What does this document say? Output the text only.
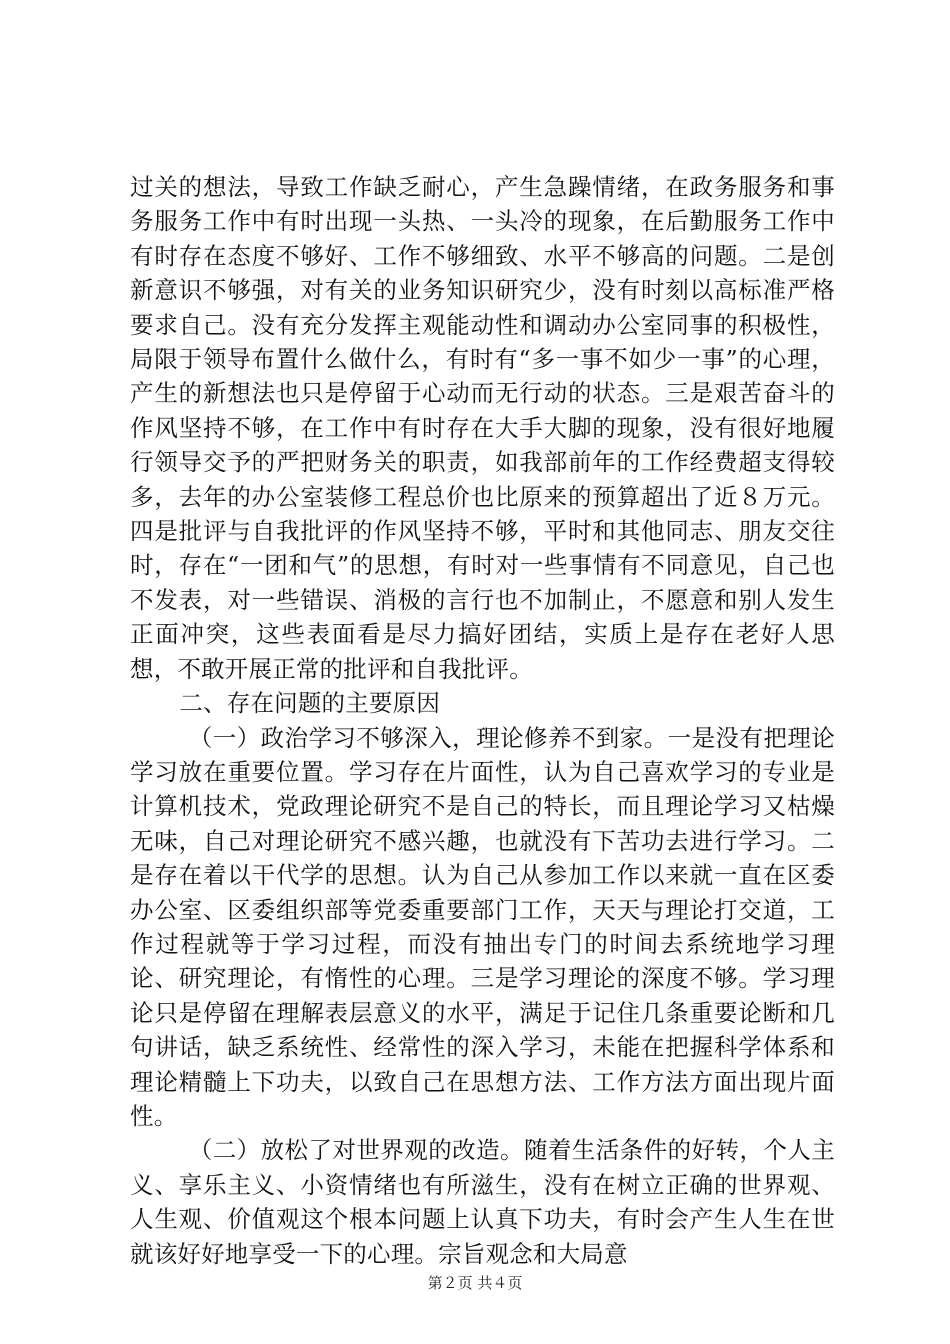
过关的想法，导致工作缺乏耐心，产生急躁情绪，在政务服务和事务服务工作中有时出现一头热、一头冷的现象，在后勤服务工作中有时存在态度不够好、工作不够细致、水平不够高的问题。二是创新意识不够强，对有关的业务知识研究少，没有时刻以高标准严格要求自己。没有充分发挥主观能动性和调动办公室同事的积极性，局限于领导布置什么做什么，有时有“多一事不如少一事”的心理，产生的新想法也只是停留于心动而无行动的状态。三是艰苦奋斗的作风坚持不够，在工作中有时存在大手大脚的现象，没有很好地履行领导交予的严把财务关的职责，如我部前年的工作经费超支得较多，去年的办公室装修工程总价也比原来的预算超出了近８万元。四是批评与自我批评的作风坚持不够，平时和其他同志、朋友交往时，存在“一团和气”的思想，有时对一些事情有不同意见，自己也不发表，对一些错误、消极的言行也不加制止，不愿意和别人发生正面冲突，这些表面看是尽力搞好团结，实质上是存在老好人思想，不敢开展正常的批评和自我批评。

二、存在问题的主要原因

（一）政治学习不够深入，理论修养不到家。一是没有把理论学习放在重要位置。学习存在片面性，认为自己喜欢学习的专业是计算机技术，党政理论研究不是自己的特长，而且理论学习又枯燥无味，自己对理论研究不感兴趣，也就没有下苦功去进行学习。二是存在着以干代学的思想。认为自己从参加工作以来就一直在区委办公室、区委组织部等党委重要部门工作，天天与理论打交道，工作过程就等于学习过程，而没有抽出专门的时间去系统地学习理论、研究理论，有惰性的心理。三是学习理论的深度不够。学习理论只是停留在理解表层意义的水平，满足于记住几条重要论断和几句讲话，缺乏系统性、经常性的深入学习，未能在把握科学体系和理论精髓上下功夫，以致自己在思想方法、工作方法方面出现片面性。

（二）放松了对世界观的改造。随着生活条件的好转，个人主义、享乐主义、小资情绪也有所滋生，没有在树立正确的世界观、人生观、价值观这个根本问题上认真下功夫，有时会产生人生在世就该好好地享受一下的心理。宗旨观念和大局意

第２页 共４页
